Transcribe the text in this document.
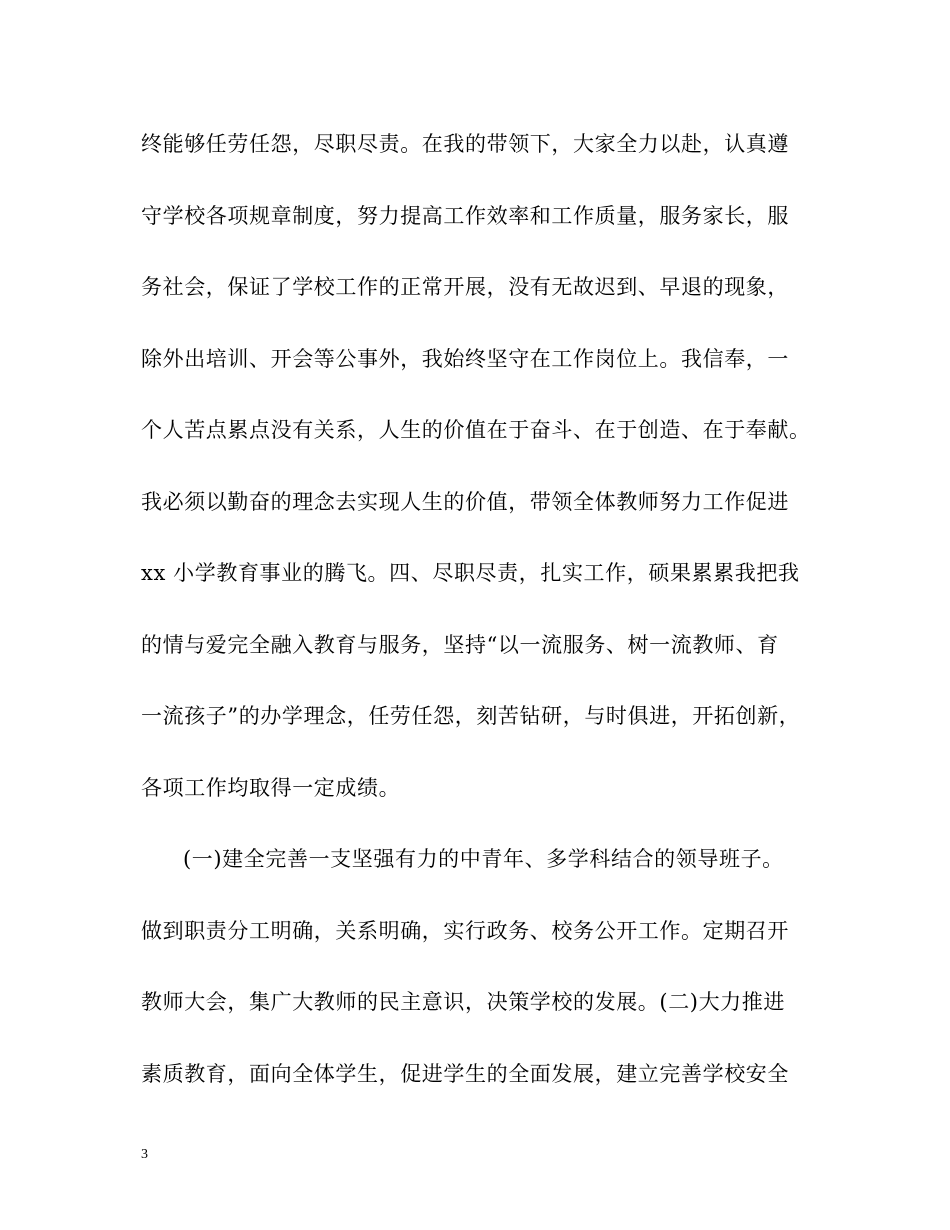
终能够任劳任怨，尽职尽责。在我的带领下，大家全力以赴，认真遵
守学校各项规章制度，努力提高工作效率和工作质量，服务家长，服
务社会，保证了学校工作的正常开展，没有无故迟到、早退的现象，
除外出培训、开会等公事外，我始终坚守在工作岗位上。我信奉，一
个人苦点累点没有关系，人生的价值在于奋斗、在于创造、在于奉献。
我必须以勤奋的理念去实现人生的价值，带领全体教师努力工作促进
xx 小学教育事业的腾飞。四、尽职尽责，扎实工作，硕果累累我把我
的情与爱完全融入教育与服务，坚持“以一流服务、树一流教师、育
一流孩子”的办学理念，任劳任怨，刻苦钻研，与时俱进，开拓创新，
各项工作均取得一定成绩。
(一)建全完善一支坚强有力的中青年、多学科结合的领导班子。
做到职责分工明确，关系明确，实行政务、校务公开工作。定期召开
教师大会，集广大教师的民主意识，决策学校的发展。(二)大力推进
素质教育，面向全体学生，促进学生的全面发展，建立完善学校安全
3
